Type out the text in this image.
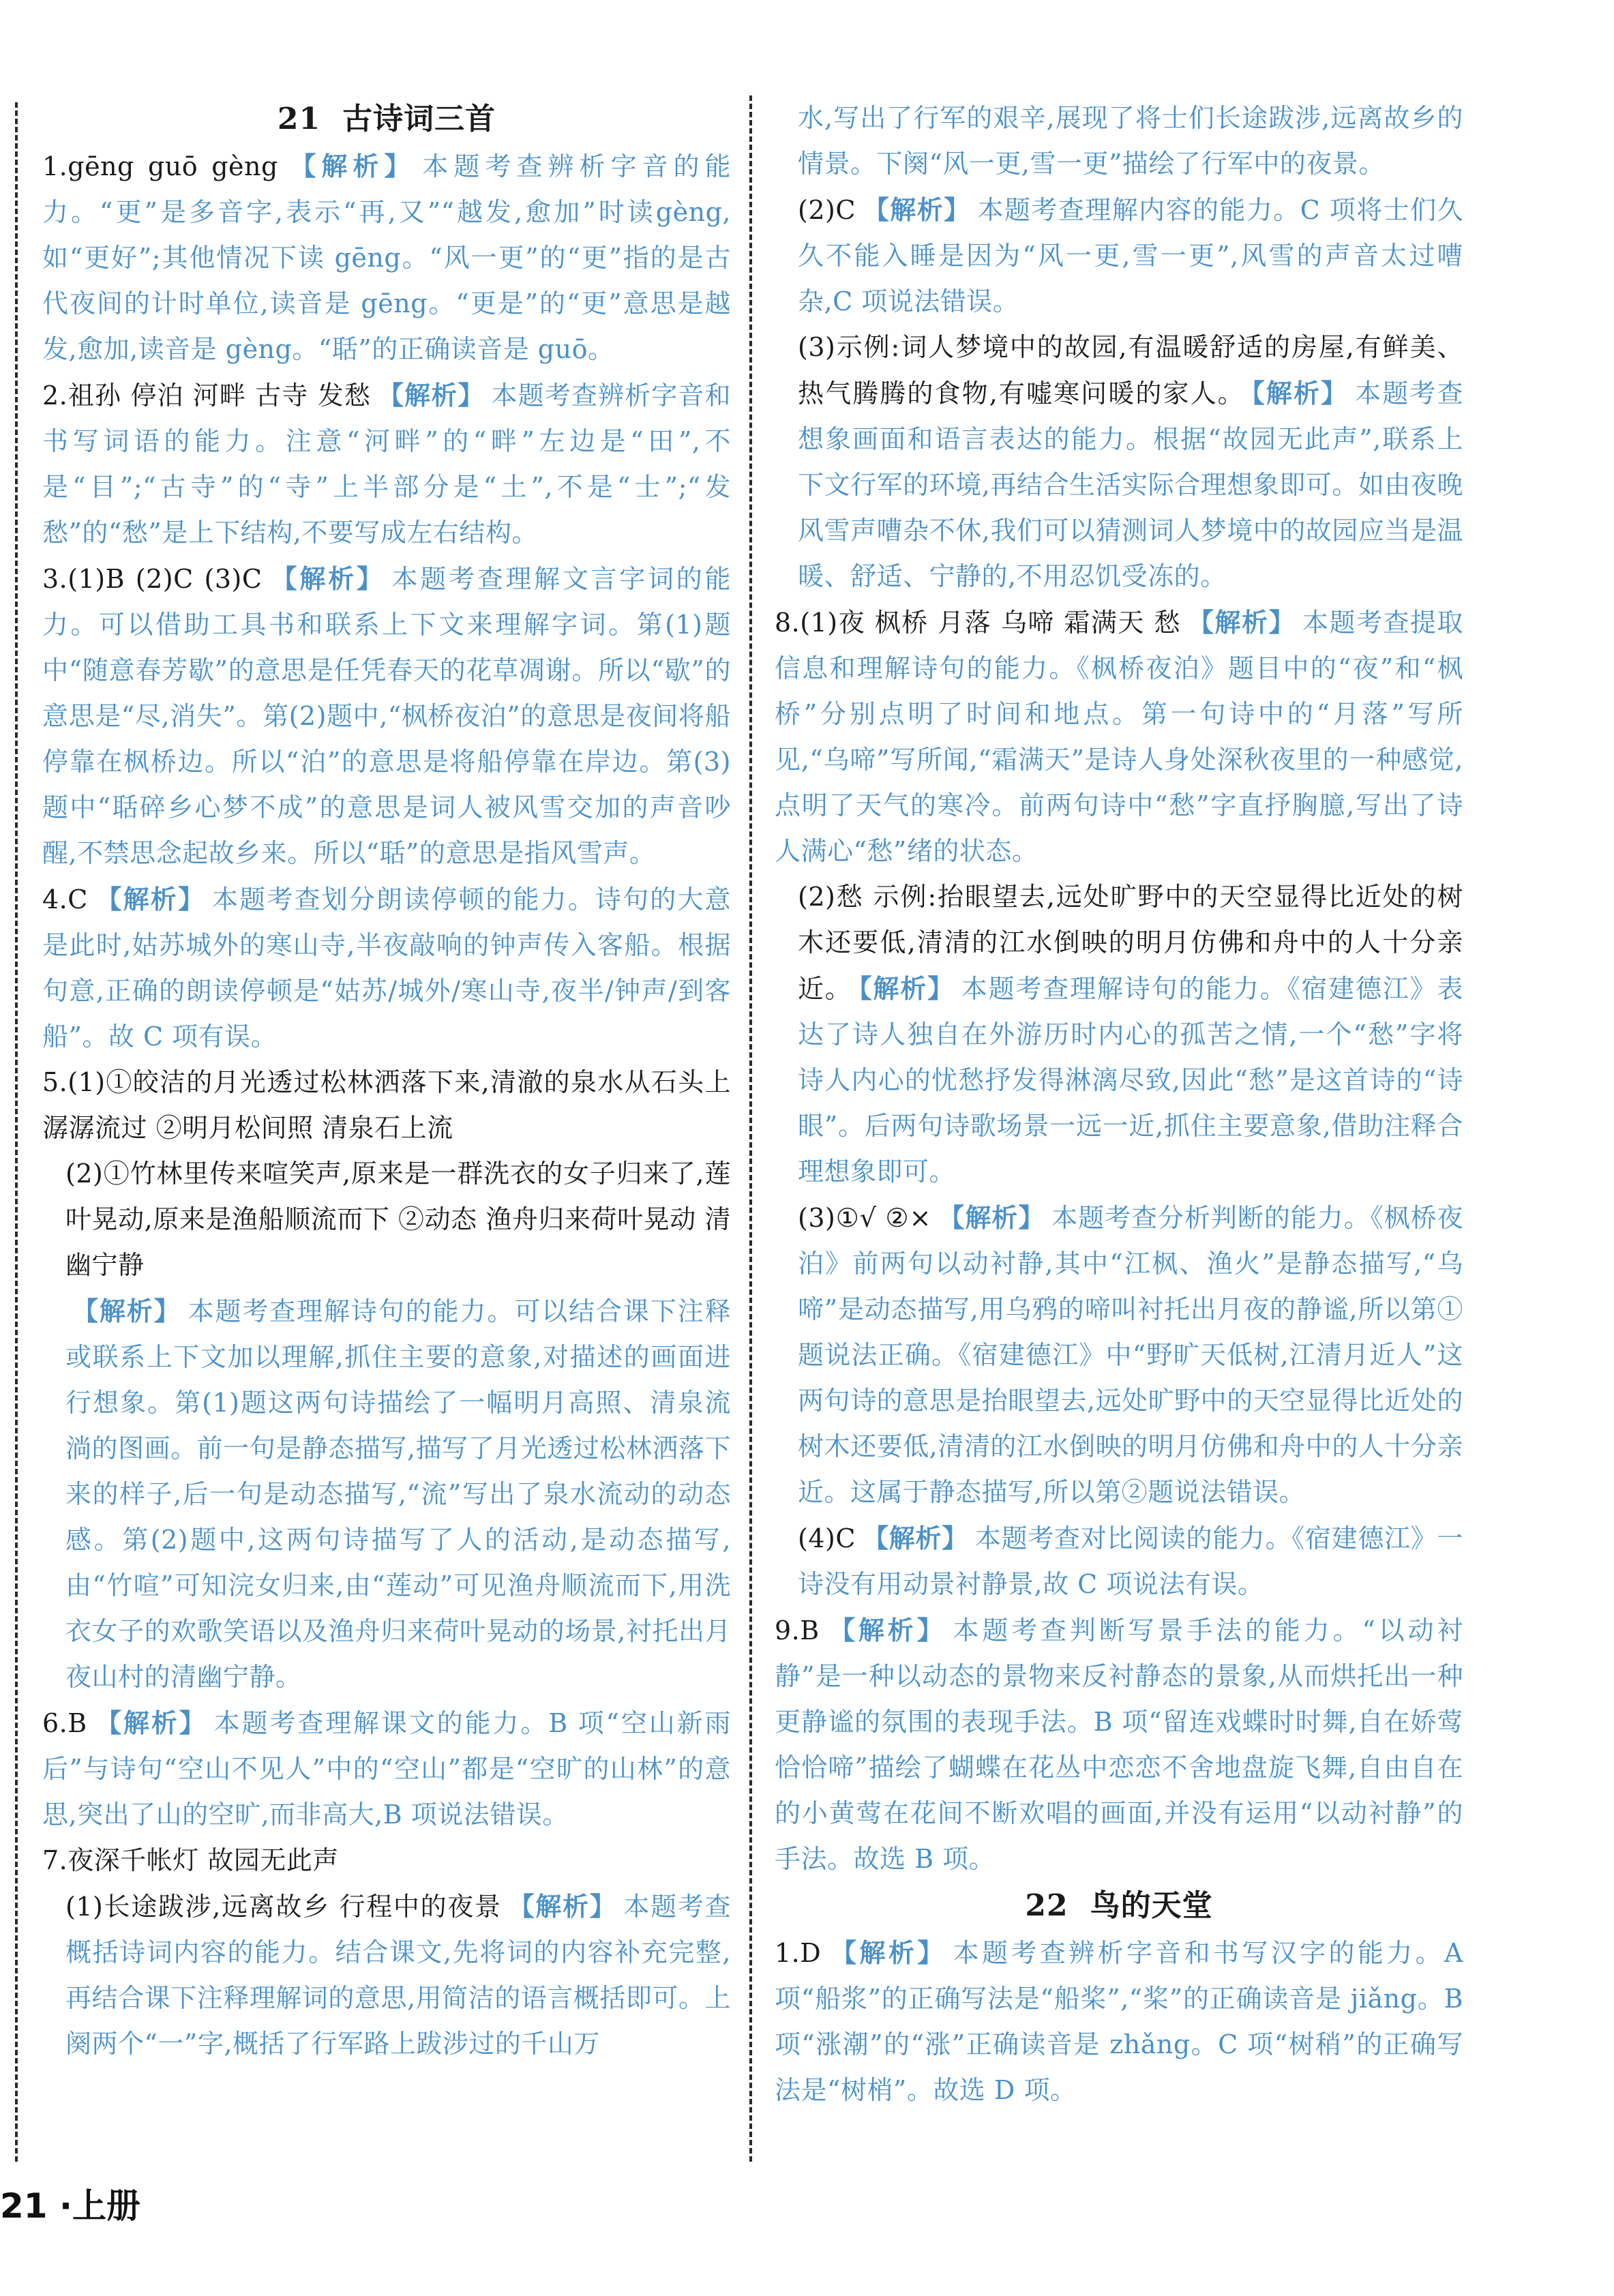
21 古诗词三首

1.gēng guō gèng 【解析】 本题考查辨析字音的能力。“更”是多音字,表示“再,又”“越发,愈加”时读gèng,如“更好”;其他情况下读 gēng。“风一更”的“更”指的是古代夜间的计时单位,读音是 gēng。“更是”的“更”意思是越发,愈加,读音是 gèng。“聒”的正确读音是 guō。

2.祖孙 停泊 河畔 古寺 发愁 【解析】 本题考查辨析字音和书写词语的能力。注意“河畔”的“畔”左边是“田”,不是“目”;“古寺”的“寺”上半部分是“土”,不是“士”;“发愁”的“愁”是上下结构,不要写成左右结构。

3.(1)B (2)C (3)C 【解析】 本题考查理解文言字词的能力。可以借助工具书和联系上下文来理解字词。第(1)题中“随意春芳歇”的意思是任凭春天的花草凋谢。所以“歇”的意思是“尽,消失”。第(2)题中,“枫桥夜泊”的意思是夜间将船停靠在枫桥边。所以“泊”的意思是将船停靠在岸边。第(3)题中“聒碎乡心梦不成”的意思是词人被风雪交加的声音吵醒,不禁思念起故乡来。所以“聒”的意思是指风雪声。

4.C 【解析】 本题考查划分朗读停顿的能力。诗句的大意是此时,姑苏城外的寒山寺,半夜敲响的钟声传入客船。根据句意,正确的朗读停顿是“姑苏/城外/寒山寺,夜半/钟声/到客船”。故 C 项有误。

5.(1)①皎洁的月光透过松林洒落下来,清澈的泉水从石头上潺潺流过 ②明月松间照 清泉石上流

(2)①竹林里传来喧笑声,原来是一群洗衣的女子归来了,莲叶晃动,原来是渔船顺流而下 ②动态 渔舟归来荷叶晃动 清幽宁静

【解析】 本题考查理解诗句的能力。可以结合课下注释或联系上下文加以理解,抓住主要的意象,对描述的画面进行想象。第(1)题这两句诗描绘了一幅明月高照、清泉流淌的图画。前一句是静态描写,描写了月光透过松林洒落下来的样子,后一句是动态描写,“流”写出了泉水流动的动态感。第(2)题中,这两句诗描写了人的活动,是动态描写,由“竹喧”可知浣女归来,由“莲动”可见渔舟顺流而下,用洗衣女子的欢歌笑语以及渔舟归来荷叶晃动的场景,衬托出月夜山村的清幽宁静。

6.B 【解析】 本题考查理解课文的能力。B 项“空山新雨后”与诗句“空山不见人”中的“空山”都是“空旷的山林”的意思,突出了山的空旷,而非高大,B 项说法错误。

7.夜深千帐灯 故园无此声

(1)长途跋涉,远离故乡 行程中的夜景 【解析】 本题考查概括诗词内容的能力。结合课文,先将词的内容补充完整,再结合课下注释理解词的意思,用简洁的语言概括即可。上阕两个“一”字,概括了行军路上跋涉过的千山万

水,写出了行军的艰辛,展现了将士们长途跋涉,远离故乡的情景。下阕“风一更,雪一更”描绘了行军中的夜景。

(2)C 【解析】 本题考查理解内容的能力。C 项将士们久久不能入睡是因为“风一更,雪一更”,风雪的声音太过嘈杂,C 项说法错误。

(3)示例:词人梦境中的故园,有温暖舒适的房屋,有鲜美、热气腾腾的食物,有嘘寒问暖的家人。 【解析】 本题考查想象画面和语言表达的能力。根据“故园无此声”,联系上下文行军的环境,再结合生活实际合理想象即可。如由夜晚风雪声嘈杂不休,我们可以猜测词人梦境中的故园应当是温暖、舒适、宁静的,不用忍饥受冻的。

8.(1)夜 枫桥 月落 乌啼 霜满天 愁 【解析】 本题考查提取信息和理解诗句的能力。《枫桥夜泊》题目中的“夜”和“枫桥”分别点明了时间和地点。第一句诗中的“月落”写所见,“乌啼”写所闻,“霜满天”是诗人身处深秋夜里的一种感觉,点明了天气的寒冷。前两句诗中“愁”字直抒胸臆,写出了诗人满心“愁”绪的状态。

(2)愁 示例:抬眼望去,远处旷野中的天空显得比近处的树木还要低,清清的江水倒映的明月仿佛和舟中的人十分亲近。 【解析】 本题考查理解诗句的能力。《宿建德江》表达了诗人独自在外游历时内心的孤苦之情,一个“愁”字将诗人内心的忧愁抒发得淋漓尽致,因此“愁”是这首诗的“诗眼”。后两句诗歌场景一远一近,抓住主要意象,借助注释合理想象即可。

(3)①√ ②× 【解析】 本题考查分析判断的能力。《枫桥夜泊》前两句以动衬静,其中“江枫、渔火”是静态描写,“乌啼”是动态描写,用乌鸦的啼叫衬托出月夜的静谧,所以第①题说法正确。《宿建德江》中“野旷天低树,江清月近人”这两句诗的意思是抬眼望去,远处旷野中的天空显得比近处的树木还要低,清清的江水倒映的明月仿佛和舟中的人十分亲近。这属于静态描写,所以第②题说法错误。

(4)C 【解析】 本题考查对比阅读的能力。《宿建德江》一诗没有用动景衬静景,故 C 项说法有误。

9.B 【解析】 本题考查判断写景手法的能力。“以动衬静”是一种以动态的景物来反衬静态的景象,从而烘托出一种更静谧的氛围的表现手法。B 项“留连戏蝶时时舞,自在娇莺恰恰啼”描绘了蝴蝶在花丛中恋恋不舍地盘旋飞舞,自由自在的小黄莺在花间不断欢唱的画面,并没有运用“以动衬静”的手法。故选 B 项。

22 鸟的天堂

1.D 【解析】 本题考查辨析字音和书写汉字的能力。A 项“船浆”的正确写法是“船桨”,“桨”的正确读音是 jiǎng。B 项“涨潮”的“涨”正确读音是 zhǎng。C 项“树稍”的正确写法是“树梢”。故选 D 项。

21 ·上册
